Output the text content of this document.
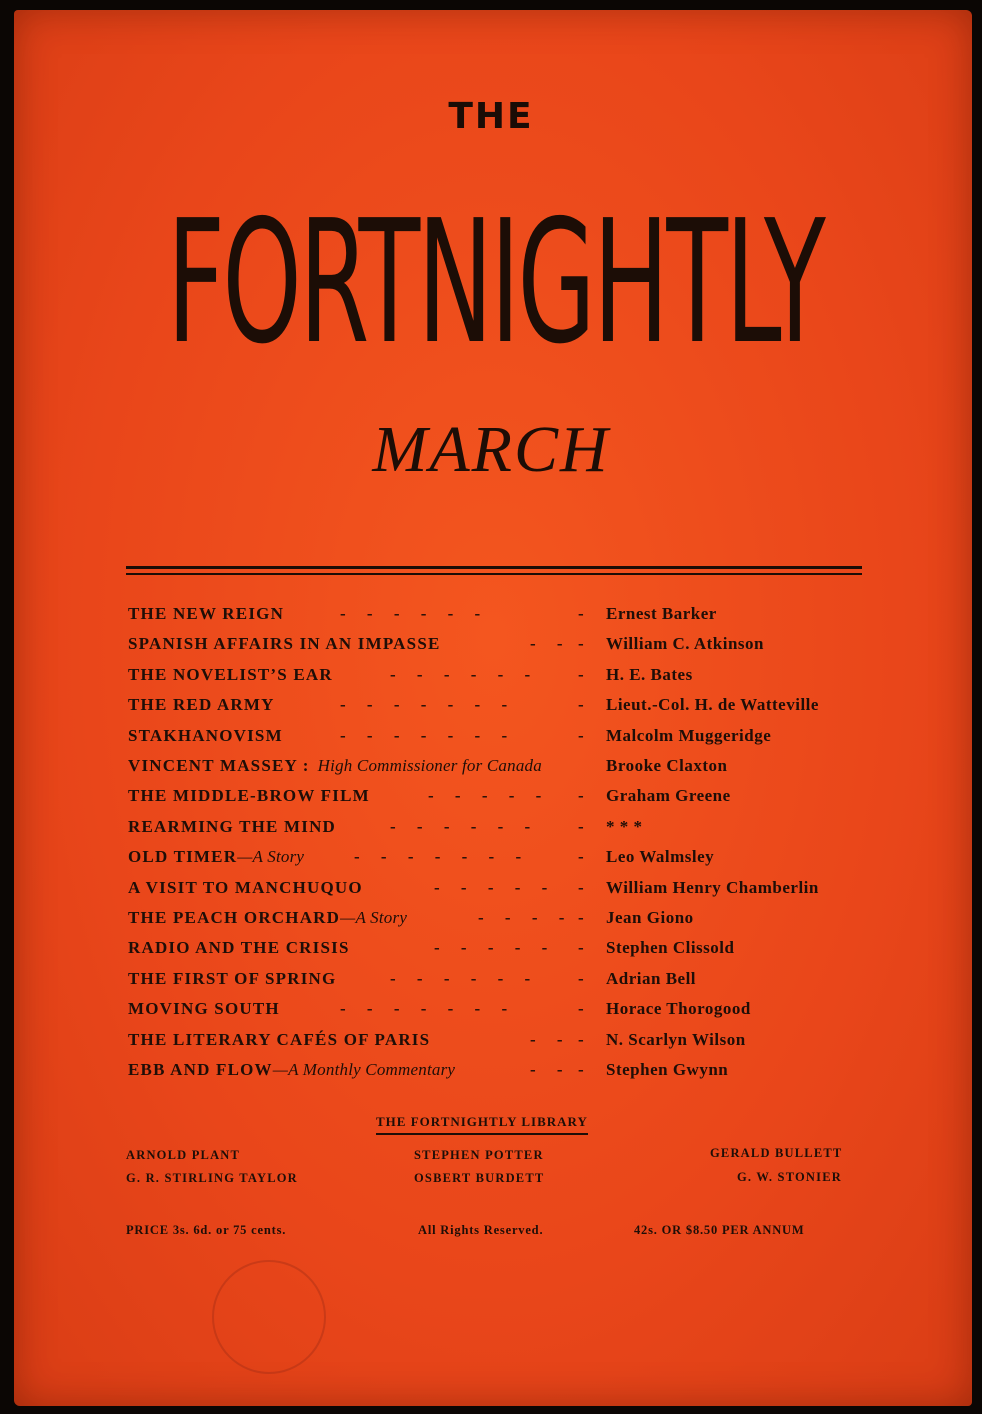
THE
FORTNIGHTLY
MARCH
THE NEW REIGN	-     -     -     -     -     -	- Ernest Barker
SPANISH AFFAIRS IN AN IMPASSE	-     - - William C. Atkinson
THE NOVELIST’S EAR	-     -     -     -     -     -	- H. E. Bates
THE RED ARMY	-     -     -     -     -     -     -	- Lieut.-Col. H. de Watteville
STAKHANOVISM	-     -     -     -     -     -     -	- Malcolm Muggeridge
VINCENT MASSEY : High Commissioner for Canada	Brooke Claxton
THE MIDDLE-BROW FILM	-     -     -     -     - - Graham Greene
REARMING THE MIND	-     -     -     -     -     -	- * * *
OLD TIMER—A Story	-     -     -     -     -     -     -	- Leo Walmsley
A VISIT TO MANCHUQUO	-     -     -     -     - - William Henry Chamberlin
THE PEACH ORCHARD—A Story	-     -     -     - - Jean Giono
RADIO AND THE CRISIS	-     -     -     -     - - Stephen Clissold
THE FIRST OF SPRING	-     -     -     -     -     -	- Adrian Bell
MOVING SOUTH	-     -     -     -     -     -     -	- Horace Thorogood
THE LITERARY CAFÉS OF PARIS	-     - - N. Scarlyn Wilson
EBB AND FLOW—A Monthly Commentary	-     - - Stephen Gwynn
THE FORTNIGHTLY LIBRARY
ARNOLD PLANT
G. R. STIRLING TAYLOR
STEPHEN POTTER
OSBERT BURDETT
GERALD BULLETT
G. W. STONIER
PRICE 3s. 6d. or 75 cents.	All Rights Reserved.	42s. OR $8.50 PER ANNUM
